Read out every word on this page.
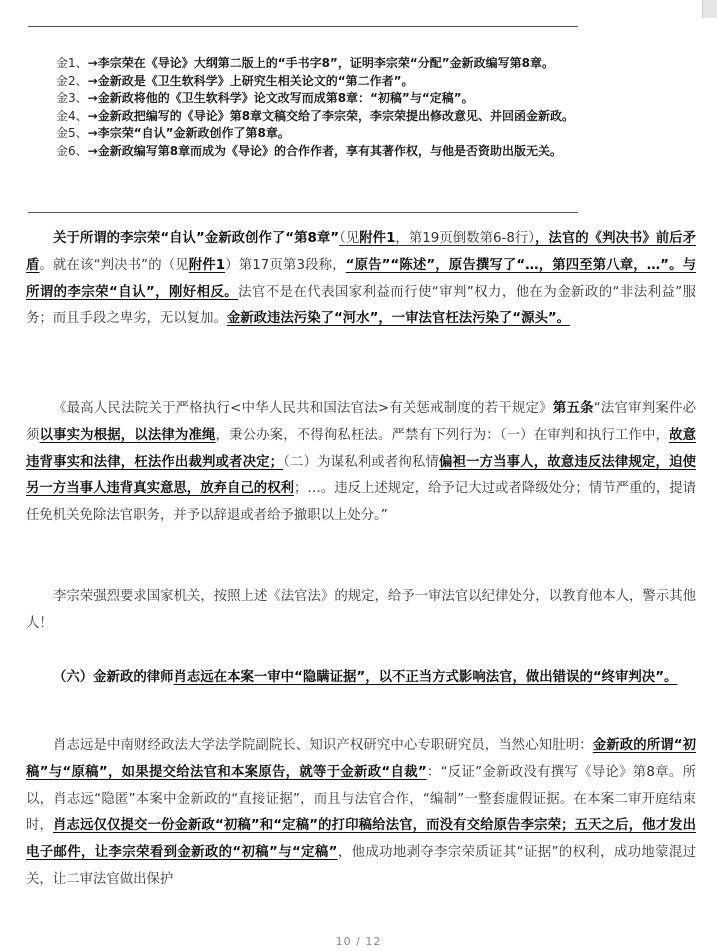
金1、→李宗荣在《导论》大纲第二版上的“手书字8”，证明李宗荣“分配”金新政编写第8章。
金2、→金新政是《卫生软科学》上研究生相关论文的“第二作者”。
金3、→金新政将他的《卫生软科学》论文改写而成第8章：“初稿”与“定稿”。
金4、→金新政把编写的《导论》第8章文稿交给了李宗荣，李宗荣提出修改意见、并回函金新政。
金5、→李宗荣“自认”金新政创作了第8章。
金6、→金新政编写第8章而成为《导论》的合作作者，享有其著作权，与他是否资助出版无关。

关于所谓的李宗荣“自认”金新政创作了“第8章”（见附件1，第19页倒数第6-8行），法官的《判决书》前后矛盾。就在该“判决书”的（见附件1）第17页第3段称，“原告”“陈述”，原告撰写了“…，第四至第八章，…”。与所谓的李宗荣“自认”，刚好相反。法官不是在代表国家利益而行使“审判”权力，他在为金新政的“非法利益”服务；而且手段之卑劣，无以复加。金新政违法污染了“河水”，一审法官枉法污染了“源头”。

《最高人民法院关于严格执行<中华人民共和国法官法>有关惩戒制度的若干规定》第五条“法官审判案件必须以事实为根据，以法律为准绳，秉公办案，不得徇私枉法。严禁有下列行为：（一）在审判和执行工作中，故意违背事实和法律，枉法作出裁判或者决定；（二）为谋私利或者徇私情偏袒一方当事人，故意违反法律规定，迫使另一方当事人违背真实意思，放弃自己的权利；…。违反上述规定，给予记大过或者降级处分；情节严重的，提请任免机关免除法官职务，并予以辞退或者给予撤职以上处分。”

李宗荣强烈要求国家机关，按照上述《法官法》的规定，给予一审法官以纪律处分，以教育他本人，警示其他人！

（六）金新政的律师肖志远在本案一审中“隐瞒证据”，以不正当方式影响法官，做出错误的“终审判决”。

肖志远是中南财经政法大学法学院副院长、知识产权研究中心专职研究员，当然心知肚明：金新政的所谓“初稿”与“原稿”，如果提交给法官和本案原告，就等于金新政“自裁”：“反证”金新政没有撰写《导论》第8章。所以，肖志远“隐匿”本案中金新政的“直接证据”，而且与法官合作，“编制”一整套虚假证据。在本案二审开庭结束时，肖志远仅仅提交一份金新政“初稿”和“定稿”的打印稿给法官，而没有交给原告李宗荣；五天之后，他才发出电子邮件，让李宗荣看到金新政的“初稿”与“定稿”，他成功地剥夺李宗荣质证其“证据”的权利，成功地蒙混过关，让二审法官做出保护

10 / 12
